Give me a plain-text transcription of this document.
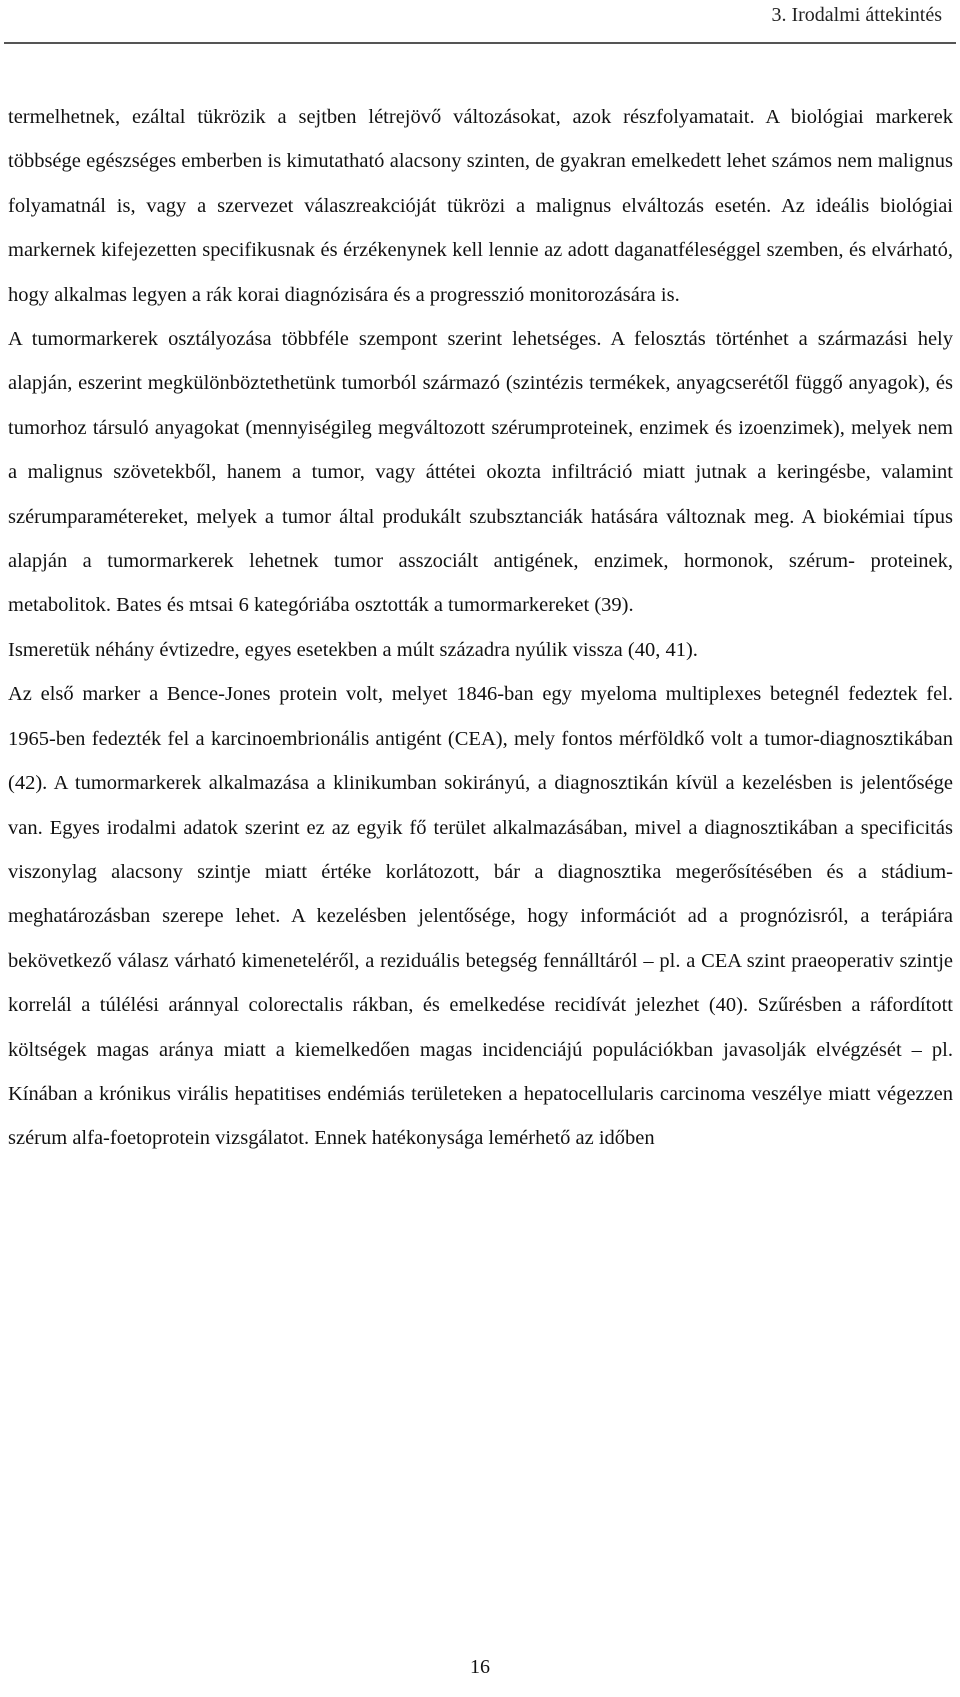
3. Irodalmi áttekintés

termelhetnek, ezáltal tükrözik a sejtben létrejövő változásokat, azok részfolyamatait. A biológiai markerek többsége egészséges emberben is kimutatható alacsony szinten, de gyakran emelkedett lehet számos nem malignus folyamatnál is, vagy a szervezet válaszreakcióját tükrözi a malignus elváltozás esetén. Az ideális biológiai markernek kifejezetten specifikusnak és érzékenynek kell lennie az adott daganatféleséggel szemben, és elvárható, hogy alkalmas legyen a rák korai diagnózisára és a progresszió monitorozására is.

A tumormarkerek osztályozása többféle szempont szerint lehetséges. A felosztás történhet a származási hely alapján, eszerint megkülönböztethetünk tumorból származó (szintézis termékek, anyagcserétől függő anyagok), és tumorhoz társuló anyagokat (mennyiségileg megváltozott szérumproteinek, enzimek és izoenzimek), melyek nem a malignus szövetekből, hanem a tumor, vagy áttétei okozta infiltráció miatt jutnak a keringésbe, valamint szérumparamétereket, melyek a tumor által produkált szubsztanciák hatására változnak meg. A biokémiai típus alapján a tumormarkerek lehetnek tumor asszociált antigének, enzimek, hormonok, szérum- proteinek, metabolitok. Bates és mtsai 6 kategóriába osztották a tumormarkereket (39).

Ismeretük néhány évtizedre, egyes esetekben a múlt századra nyúlik vissza (40, 41).

Az első marker a Bence-Jones protein volt, melyet 1846-ban egy myeloma multiplexes betegnél fedeztek fel. 1965-ben fedezték fel a karcinoembrionális antigént (CEA), mely fontos mérföldkő volt a tumor-diagnosztikában (42). A tumormarkerek alkalmazása a klinikumban sokirányú, a diagnosztikán kívül a kezelésben is jelentősége van. Egyes irodalmi adatok szerint ez az egyik fő terület alkalmazásában, mivel a diagnosztikában a specificitás viszonylag alacsony szintje miatt értéke korlátozott, bár a diagnosztika megerősítésében és a stádium-meghatározásban szerepe lehet. A kezelésben jelentősége, hogy információt ad a prognózisról, a terápiára bekövetkező válasz várható kimeneteléről, a reziduális betegség fennálltáról – pl. a CEA szint praeoperativ szintje korrelál a túlélési aránnyal colorectalis rákban, és emelkedése recidívát jelezhet (40). Szűrésben a ráfordított költségek magas aránya miatt a kiemelkedően magas incidenciájú populációkban javasolják elvégzését – pl. Kínában a krónikus virális hepatitises endémiás területeken a hepatocellularis carcinoma veszélye miatt végezzen szérum alfa-foetoprotein vizsgálatot. Ennek hatékonysága lemérhető az időben

16
